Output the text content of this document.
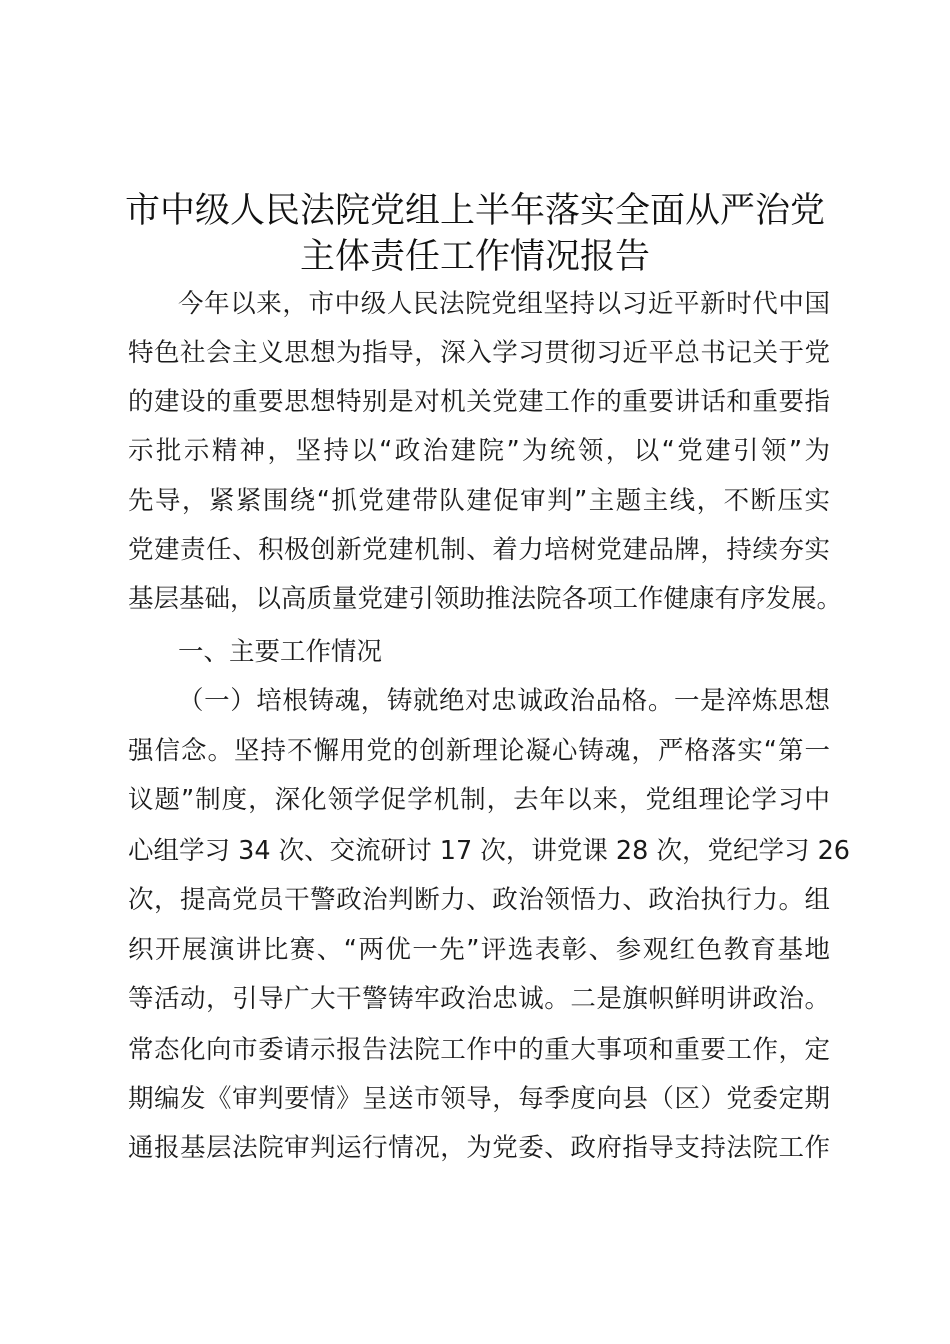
市中级人民法院党组上半年落实全面从严治党
主体责任工作情况报告
今年以来，市中级人民法院党组坚持以习近平新时代中国
特色社会主义思想为指导，深入学习贯彻习近平总书记关于党
的建设的重要思想特别是对机关党建工作的重要讲话和重要指
示批示精神，坚持以“政治建院”为统领，以“党建引领”为
先导，紧紧围绕“抓党建带队建促审判”主题主线，不断压实
党建责任、积极创新党建机制、着力培树党建品牌，持续夯实
基层基础，以高质量党建引领助推法院各项工作健康有序发展。
一、主要工作情况
（一）培根铸魂，铸就绝对忠诚政治品格。一是淬炼思想
强信念。坚持不懈用党的创新理论凝心铸魂，严格落实“第一
议题”制度，深化领学促学机制，去年以来，党组理论学习中
心组学习 34 次、交流研讨 17 次，讲党课 28 次，党纪学习 26
次，提高党员干警政治判断力、政治领悟力、政治执行力。组
织开展演讲比赛、“两优一先”评选表彰、参观红色教育基地
等活动，引导广大干警铸牢政治忠诚。二是旗帜鲜明讲政治。
常态化向市委请示报告法院工作中的重大事项和重要工作，定
期编发《审判要情》呈送市领导，每季度向县（区）党委定期
通报基层法院审判运行情况，为党委、政府指导支持法院工作
